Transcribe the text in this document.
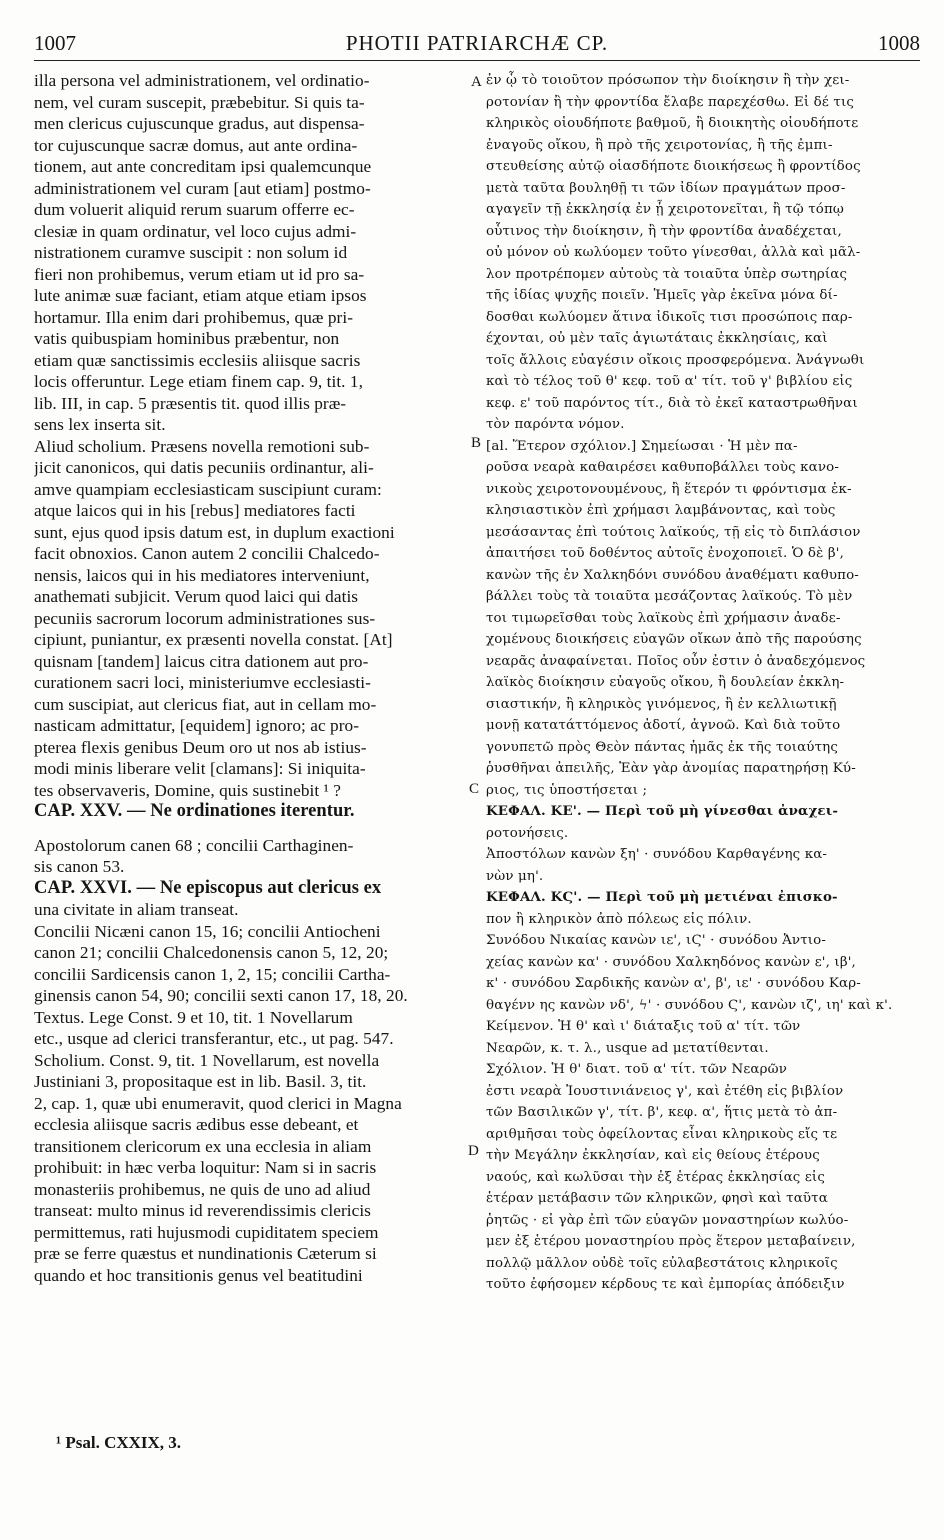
1007	PHOTII PATRIARCHÆ CP.	1008
illa persona vel administrationem, vel ordinatio-
nem, vel curam suscepit, præbebitur. Si quis ta-
men clericus cujuscunque gradus, aut dispensa-
tor cujuscunque sacræ domus, aut ante ordina-
tionem, aut ante concreditam ipsi qualemcunque
administrationem vel curam [aut etiam] postmo-
dum voluerit aliquid rerum suarum offerre ec-
clesiæ in quam ordinatur, vel loco cujus admi-
nistrationem curamve suscipit : non solum id
fieri non prohibemus, verum etiam ut id pro sa-
lute animæ suæ faciant, etiam atque etiam ipsos
hortamur. Illa enim dari prohibemus, quæ pri-
vatis quibuspiam hominibus præbentur, non
etiam quæ sanctissimis ecclesiis aliisque sacris
locis offeruntur. Lege etiam finem cap. 9, tit. 1,
lib. III, in cap. 5 præsentis tit. quod illis præ-
sens lex inserta sit.
Aliud scholium. Præsens novella remotioni sub-
jicit canonicos, qui datis pecuniis ordinantur, ali-
amve quampiam ecclesiasticam suscipiunt curam:
atque laicos qui in his [rebus] mediatores facti
sunt, ejus quod ipsis datum est, in duplum exactioni
facit obnoxios. Canon autem 2 concilii Chalcedo-
nensis, laicos qui in his mediatores interveniunt,
anathemati subjicit. Verum quod laici qui datis
pecuniis sacrorum locorum administrationes sus-
cipiunt, puniantur, ex præsenti novella constat. [At]
quisnam [tandem] laicus citra dationem aut pro-
curationem sacri loci, ministeriumve ecclesiasti-
cum suscipiat, aut clericus fiat, aut in cellam mo-
nasticam admittatur, [equidem] ignoro; ac pro-
pterea flexis genibus Deum oro ut nos ab istius-
modi minis liberare velit [clamans]: Si iniquita-
tes observaveris, Domine, quis sustinebit ¹ ?
CAP. XXV. — Ne ordinationes iterentur.
Apostolorum canen 68 ; concilii Carthaginen-
sis canon 53.
CAP. XXVI. — Ne episcopus aut clericus ex
una civitate in aliam transeat.
Concilii Nicæni canon 15, 16; concilii Antiocheni
canon 21; concilii Chalcedonensis canon 5, 12, 20;
concilii Sardicensis canon 1, 2, 15; concilii Cartha-
ginensis canon 54, 90; concilii sexti canon 17, 18, 20.
Textus. Lege Const. 9 et 10, tit. 1 Novellarum
etc., usque ad clerici transferantur, etc., ut pag. 547.
Scholium. Const. 9, tit. 1 Novellarum, est novella
Justiniani 3, propositaque est in lib. Basil. 3, tit.
2, cap. 1, quæ ubi enumeravit, quod clerici in Magna
ecclesia aliisque sacris ædibus esse debeant, et
transitionem clericorum ex una ecclesia in aliam
prohibuit: in hæc verba loquitur: Nam si in sacris
monasteriis prohibemus, ne quis de uno ad aliud
transeat: multo minus id reverendissimis clericis
permittemus, rati hujusmodi cupiditatem speciem
præ se ferre quæstus et nundinationis Cæterum si
quando et hoc transitionis genus vel beatitudini
ἐν ᾧ τὸ τοιοῦτον πρόσωπον τὴν διοίκησιν ἢ τὴν χει-
ροτονίαν ἢ τὴν φροντίδα ἔλαβε παρεχέσθω. Εἰ δέ τις
κληρικὸς οἱουδήποτε βαθμοῦ, ἢ διοικητὴς οἱουδήποτε
ἐναγοῦς οἴκου, ἢ πρὸ τῆς χειροτονίας, ἢ τῆς ἐμπι-
στευθείσης αὐτῷ οἱασδήποτε διοικήσεως ἢ φροντίδος
μετὰ ταῦτα βουληθῇ τι τῶν ἰδίων πραγμάτων προσ-
αγαγεῖν τῇ ἐκκλησίᾳ ἐν ᾗ χειροτονεῖται, ἢ τῷ τόπῳ
οὗτινος τὴν διοίκησιν, ἢ τὴν φροντίδα ἀναδέχεται,
οὐ μόνον οὐ κωλύομεν τοῦτο γίνεσθαι, ἀλλὰ καὶ μᾶλ-
λον προτρέπομεν αὐτοὺς τὰ τοιαῦτα ὑπὲρ σωτηρίας
τῆς ἰδίας ψυχῆς ποιεῖν. Ἡμεῖς γὰρ ἐκεῖνα μόνα δί-
δοσθαι κωλύομεν ἅτινα ἰδικοῖς τισι προσώποις παρ-
έχονται, οὐ μὲν ταῖς ἁγιωτάταις ἐκκλησίαις, καὶ
τοῖς ἄλλοις εὐαγέσιν οἴκοις προσφερόμενα. Ἀνάγνωθι
καὶ τὸ τέλος τοῦ θ' κεφ. τοῦ α' τίτ. τοῦ γ' βιβλίου εἰς
κεφ. ε' τοῦ παρόντος τίτ., διὰ τὸ ἐκεῖ καταστρωθῆναι
τὸν παρόντα νόμον.
[al. Ἕτερον σχόλιον.] Σημείωσαι · Ἡ μὲν πα-
ροῦσα νεαρὰ καθαιρέσει καθυποβάλλει τοὺς κανο-
νικοὺς χειροτονουμένους, ἢ ἕτερόν τι φρόντισμα ἐκ-
κλησιαστικὸν ἐπὶ χρήμασι λαμβάνοντας, καὶ τοὺς
μεσάσαντας ἐπὶ τούτοις λαϊκούς, τῇ εἰς τὸ διπλάσιον
ἀπαιτήσει τοῦ δοθέντος αὐτοῖς ἐνοχοποιεῖ. Ὁ δὲ β',
κανὼν τῆς ἐν Χαλκηδόνι συνόδου ἀναθέματι καθυπο-
βάλλει τοὺς τὰ τοιαῦτα μεσάζοντας λαϊκούς. Τὸ μὲν
τοι τιμωρεῖσθαι τοὺς λαϊκοὺς ἐπὶ χρήμασιν ἀναδε-
χομένους διοικήσεις εὐαγῶν οἴκων ἀπὸ τῆς παρούσης
νεαρᾶς ἀναφαίνεται. Ποῖος οὖν ἐστιν ὁ ἀναδεχόμενος
λαϊκὸς διοίκησιν εὐαγοῦς οἴκου, ἢ δουλείαν ἐκκλη-
σιαστικήν, ἢ κληρικὸς γινόμενος, ἢ ἐν κελλιωτικῇ
μονῇ κατατάττόμενος ἀδοτί, ἀγνοῶ. Καὶ διὰ τοῦτο
γονυπετῶ πρὸς Θεὸν πάντας ἡμᾶς ἐκ τῆς τοιαύτης
ῥυσθῆναι ἀπειλῆς, Ἐὰν γὰρ ἀνομίας παρατηρήσῃ Κύ-
ριος, τις ὑποστήσεται ;
ΚΕΦΑΛ. ΚΕ'. — Περὶ τοῦ μὴ γίνεσθαι ἀναχει-
ροτονήσεις.
Ἀποστόλων κανὼν ξη' · συνόδου Καρθαγένης κα-
νὼν μη'.
ΚΕΦΑΛ. ΚϚ'. — Περὶ τοῦ μὴ μετιέναι ἐπισκο-
πον ἢ κληρικὸν ἀπὸ πόλεως εἰς πόλιν.
Συνόδου Νικαίας κανὼν ιε', ιϚ' · συνόδου Ἀντιο-
χείας κανὼν κα' · συνόδου Χαλκηδόνος κανὼν ε', ιβ',
κ' · συνόδου Σαρδικῆς κανὼν α', β', ιε' · συνόδου Καρ-
θαγένν ης κανὼν νδ', ϟ' · συνόδου Ϛ', κανὼν ιζ', ιη' καὶ κ'.
Κείμενον. Ἡ θ' καὶ ι' διάταξις τοῦ α' τίτ. τῶν
Νεαρῶν, κ. τ. λ., usque ad μετατίθενται.
Σχόλιον. Ἡ θ' διατ. τοῦ α' τίτ. τῶν Νεαρῶν
ἐστι νεαρὰ Ἰουστινιάνειος γ', καὶ ἐτέθη εἰς βιβλίον
τῶν Βασιλικῶν γ', τίτ. β', κεφ. α', ἥτις μετὰ τὸ ἀπ-
αριθμῆσαι τοὺς ὀφείλοντας εἶναι κληρικοὺς εἴς τε
τὴν Μεγάλην ἐκκλησίαν, καὶ εἰς θείους ἑτέρους
ναούς, καὶ κωλῦσαι τὴν ἐξ ἑτέρας ἐκκλησίας εἰς
ἑτέραν μετάβασιν τῶν κληρικῶν, φησὶ καὶ ταῦτα
ῥητῶς · εἰ γὰρ ἐπὶ τῶν εὐαγῶν μοναστηρίων κωλύο-
μεν ἐξ ἑτέρου μοναστηρίου πρὸς ἕτερον μεταβαίνειν,
πολλῷ μᾶλλον οὐδὲ τοῖς εὐλαβεστάτοις κληρικοῖς
τοῦτο ἐφήσομεν κέρδους τε καὶ ἐμπορίας ἀπόδειξιν
A
B
C
D
¹ Psal. CXXIX, 3.
